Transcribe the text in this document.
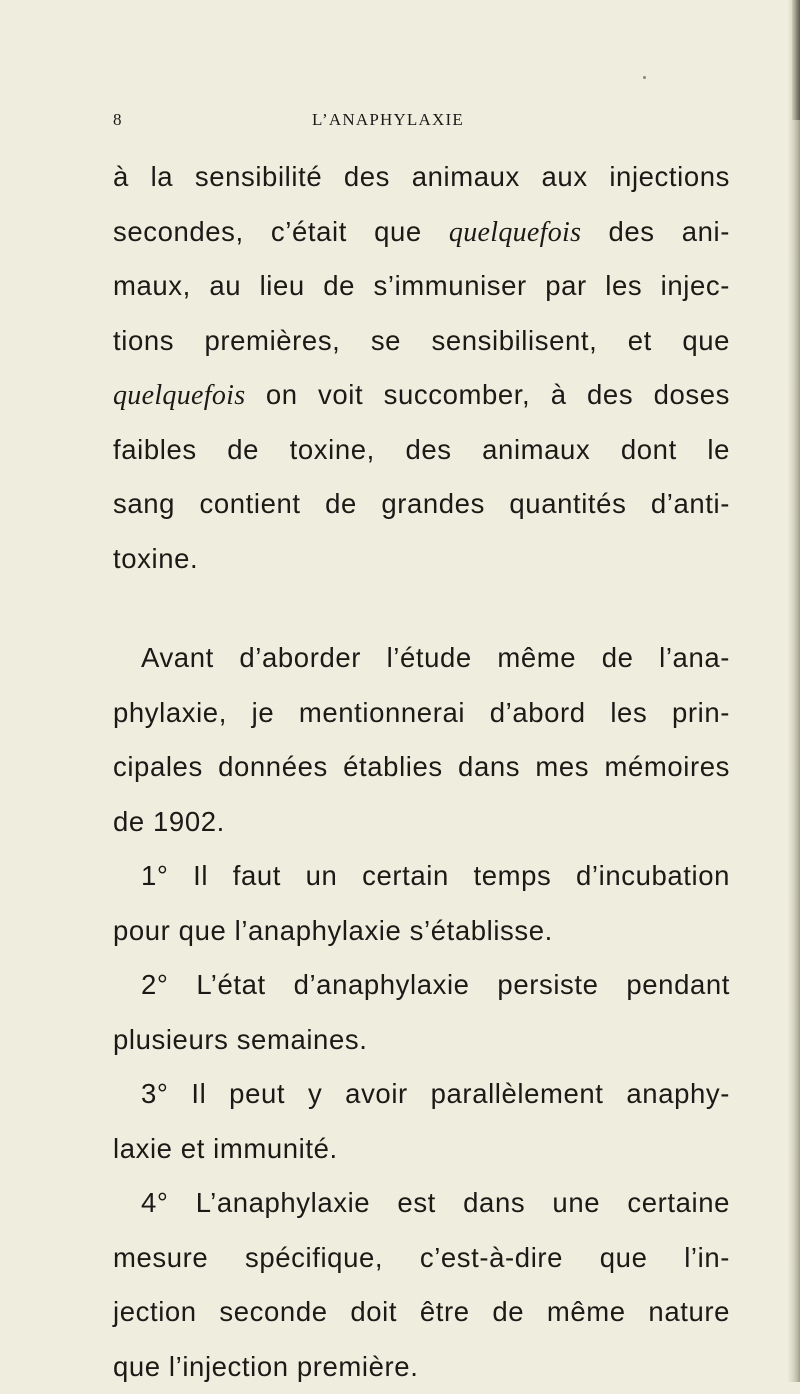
8	L’ANAPHYLAXIE
à la sensibilité des animaux aux injections
secondes, c’était que quelquefois des ani-
maux, au lieu de s’immuniser par les injec-
tions premières, se sensibilisent, et que
quelquefois on voit succomber, à des doses
faibles de toxine, des animaux dont le
sang contient de grandes quantités d’anti-
toxine.
Avant d’aborder l’étude même de l’ana-
phylaxie, je mentionnerai d’abord les prin-
cipales données établies dans mes mémoires
de 1902.
1° Il faut un certain temps d’incubation
pour que l’anaphylaxie s’établisse.
2° L’état d’anaphylaxie persiste pendant
plusieurs semaines.
3° Il peut y avoir parallèlement anaphy-
laxie et immunité.
4° L’anaphylaxie est dans une certaine
mesure spécifique, c’est-à-dire que l’in-
jection seconde doit être de même nature
que l’injection première.
